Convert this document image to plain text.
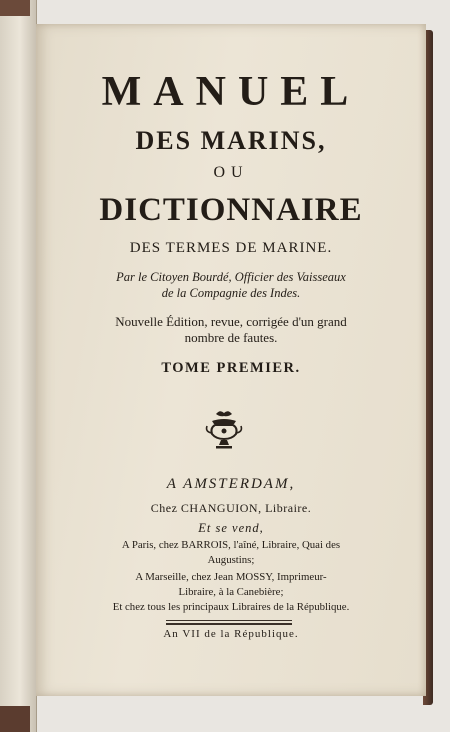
MANUEL
DES MARINS,
OU
DICTIONNAIRE
DES TERMES DE MARINE.
Par le Citoyen Bourdé, Officier des Vaisseaux
de la Compagnie des Indes.
Nouvelle Édition, revue, corrigée d'un grand
nombre de fautes.
TOME PREMIER.
A AMSTERDAM,
Chez CHANGUION, Libraire.
Et se vend,
A Paris, chez BARROIS, l'aîné, Libraire, Quai des
Augustins;
A Marseille, chez Jean MOSSY, Imprimeur-
Libraire, à la Canebière;
Et chez tous les principaux Libraires de la République.
An VII de la République.
